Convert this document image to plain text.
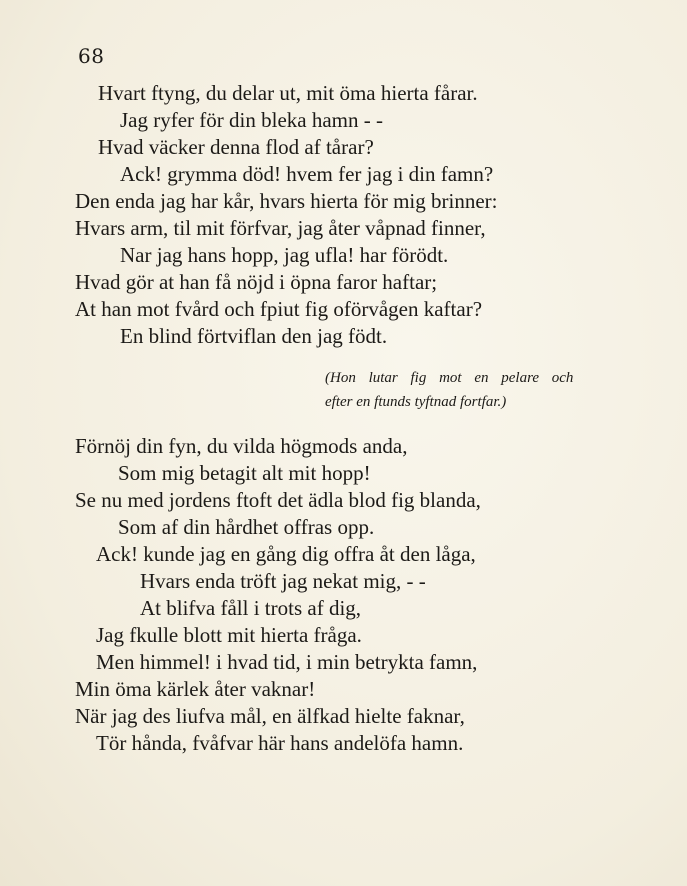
68
Hvart ftyng, du delar ut, mit öma hierta fårar.
Jag ryfer för din bleka hamn - -
Hvad väcker denna flod af tårar?
Ack! grymma död! hvem fer jag i din famn?
Den enda jag har kår, hvars hierta för mig brinner:
Hvars arm, til mit förfvar, jag åter våpnad finner,
Nar jag hans hopp, jag ufla! har förödt.
Hvad gör at han få nöjd i öpna faror haftar;
At han mot fvård och fpiut fig oförvågen kaftar?
En blind förtviflan den jag födt.
(Hon lutar fig mot en pelare och
efter en ftunds tyftnad fortfar.)
Förnöj din fyn, du vilda högmods anda,
Som mig betagit alt mit hopp!
Se nu med jordens ftoft det ädla blod fig blanda,
Som af din hårdhet offras opp.
Ack! kunde jag en gång dig offra åt den låga,
Hvars enda tröft jag nekat mig, - -
At blifva fåll i trots af dig,
Jag fkulle blott mit hierta fråga.
Men himmel! i hvad tid, i min betrykta famn,
Min öma kärlek åter vaknar!
När jag des liufva mål, en älfkad hielte faknar,
Tör hånda, fvåfvar här hans andelöfa hamn.
